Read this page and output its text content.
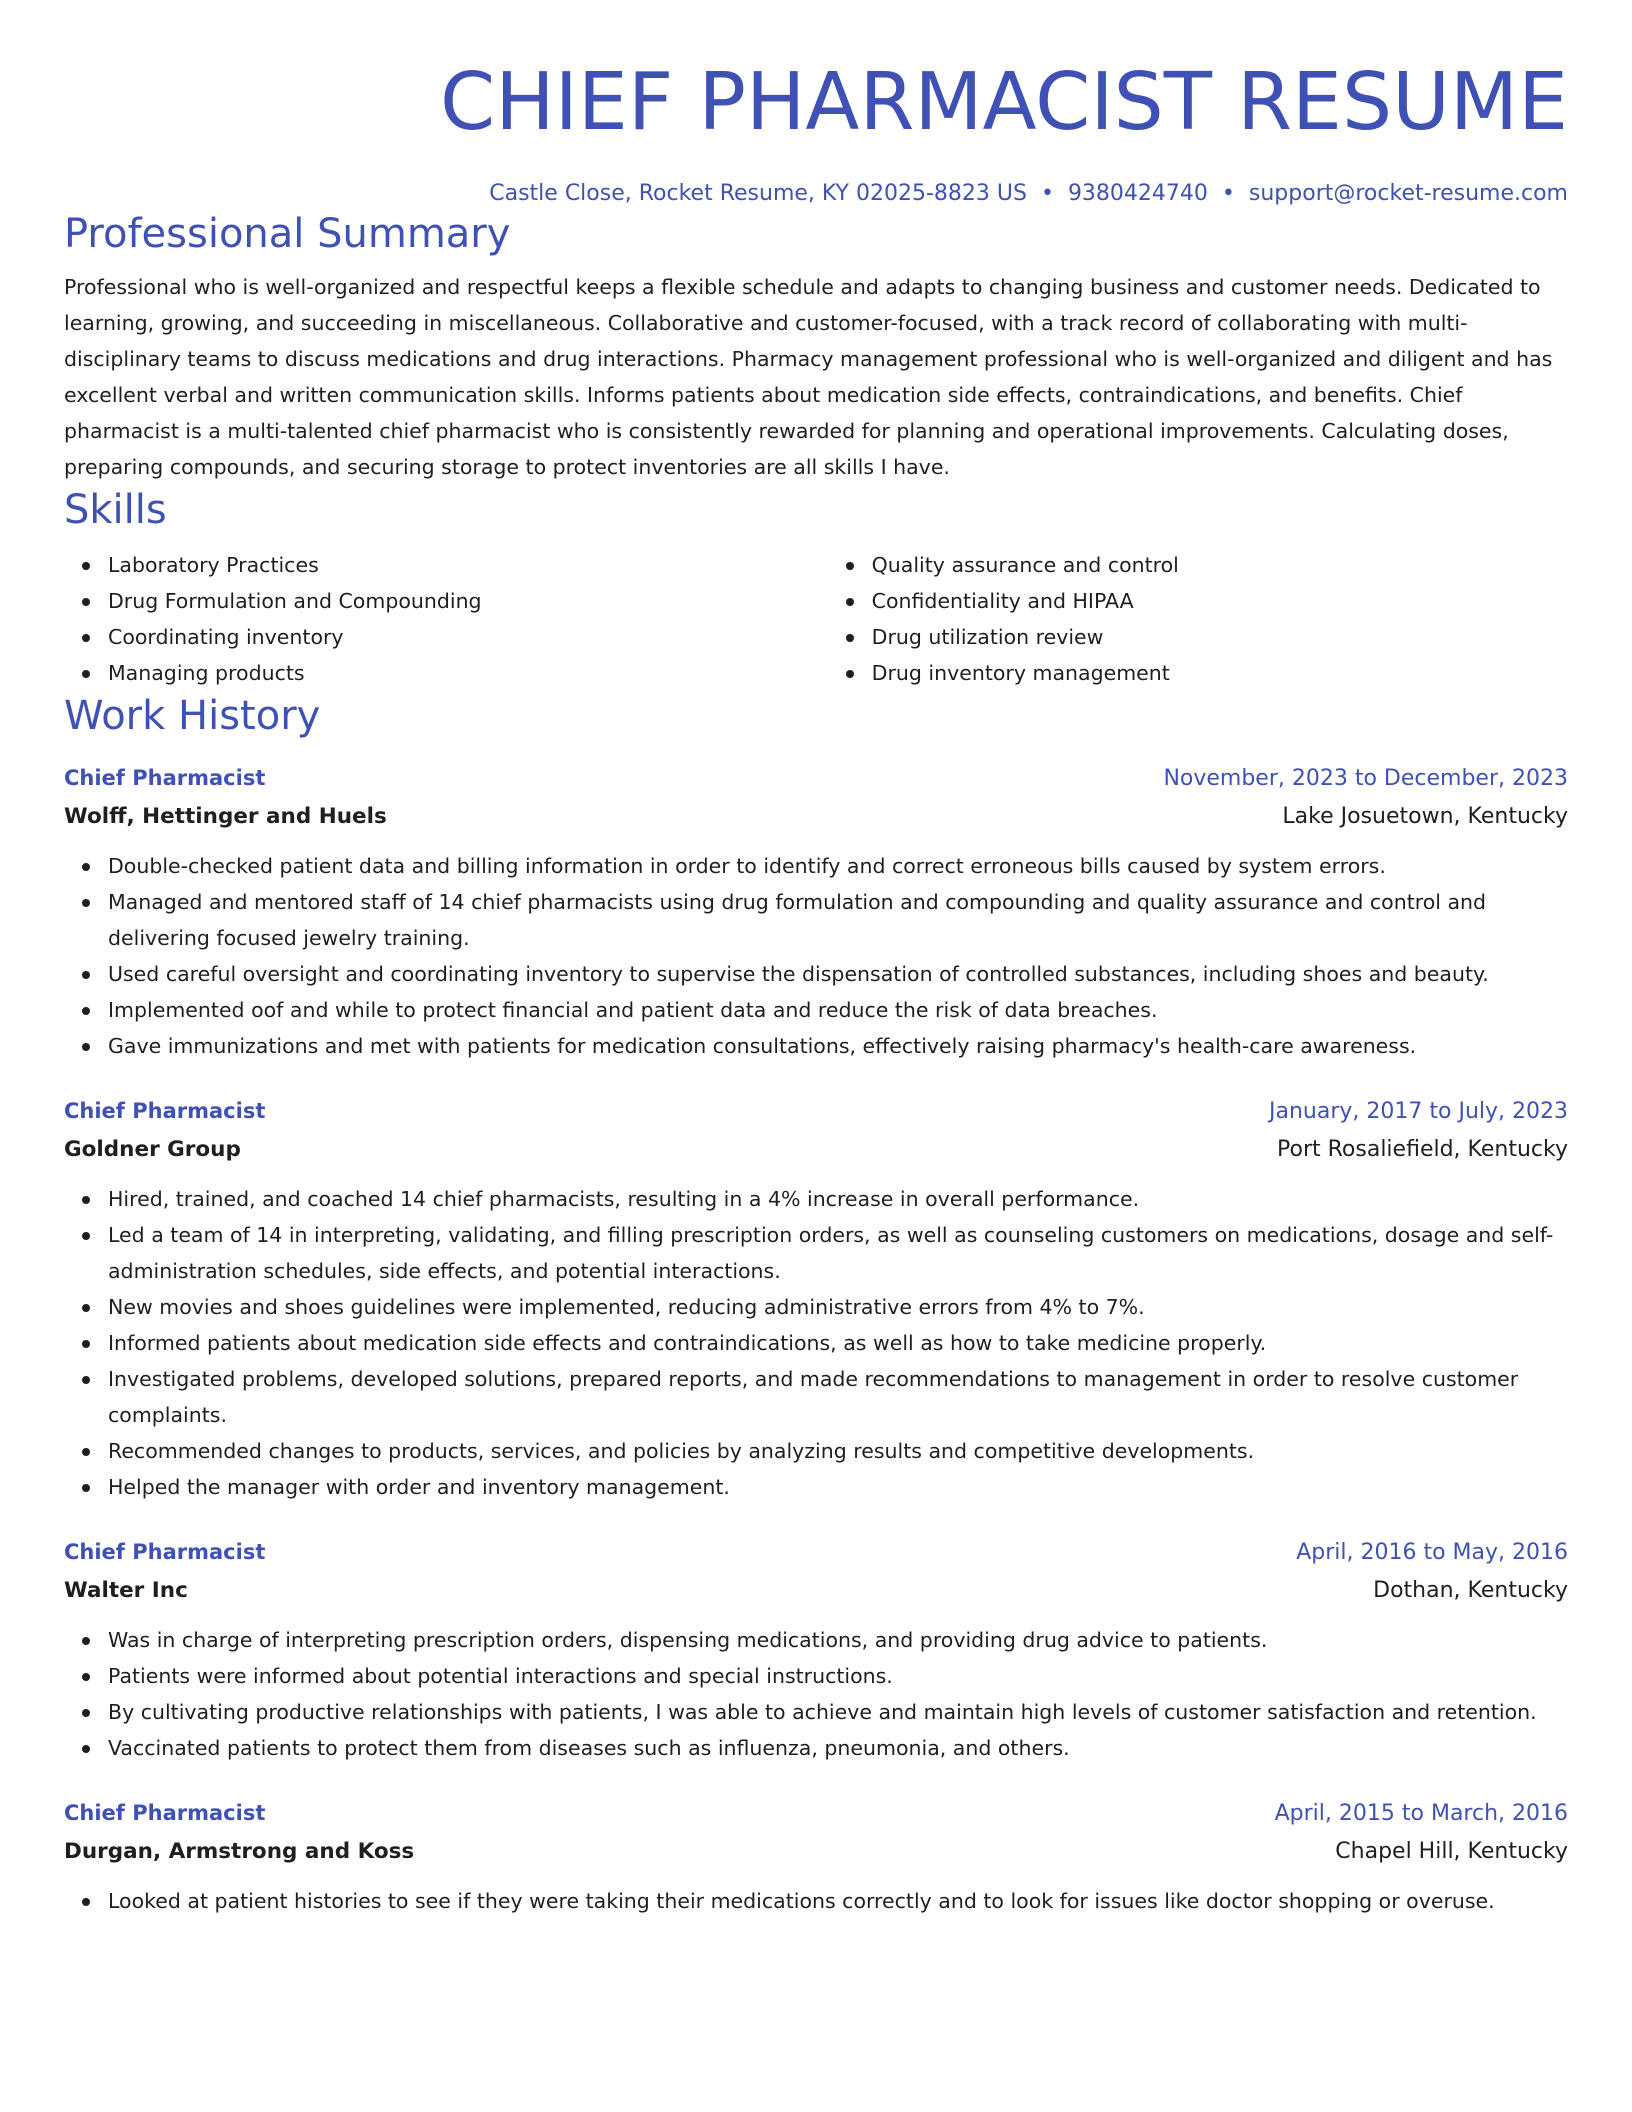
CHIEF PHARMACIST RESUME
Castle Close, Rocket Resume, KY 02025-8823 US • 9380424740 • support@rocket-resume.com
Professional Summary
Professional who is well-organized and respectful keeps a flexible schedule and adapts to changing business and customer needs. Dedicated to learning, growing, and succeeding in miscellaneous. Collaborative and customer-focused, with a track record of collaborating with multi-disciplinary teams to discuss medications and drug interactions. Pharmacy management professional who is well-organized and diligent and has excellent verbal and written communication skills. Informs patients about medication side effects, contraindications, and benefits. Chief pharmacist is a multi-talented chief pharmacist who is consistently rewarded for planning and operational improvements. Calculating doses, preparing compounds, and securing storage to protect inventories are all skills I have.
Skills
Laboratory Practices
Drug Formulation and Compounding
Coordinating inventory
Managing products
Quality assurance and control
Confidentiality and HIPAA
Drug utilization review
Drug inventory management
Work History
Chief Pharmacist	November, 2023 to December, 2023
Wolff, Hettinger and Huels	Lake Josuetown, Kentucky
Double-checked patient data and billing information in order to identify and correct erroneous bills caused by system errors.
Managed and mentored staff of 14 chief pharmacists using drug formulation and compounding and quality assurance and control and delivering focused jewelry training.
Used careful oversight and coordinating inventory to supervise the dispensation of controlled substances, including shoes and beauty.
Implemented oof and while to protect financial and patient data and reduce the risk of data breaches.
Gave immunizations and met with patients for medication consultations, effectively raising pharmacy's health-care awareness.
Chief Pharmacist	January, 2017 to July, 2023
Goldner Group	Port Rosaliefield, Kentucky
Hired, trained, and coached 14 chief pharmacists, resulting in a 4% increase in overall performance.
Led a team of 14 in interpreting, validating, and filling prescription orders, as well as counseling customers on medications, dosage and self-administration schedules, side effects, and potential interactions.
New movies and shoes guidelines were implemented, reducing administrative errors from 4% to 7%.
Informed patients about medication side effects and contraindications, as well as how to take medicine properly.
Investigated problems, developed solutions, prepared reports, and made recommendations to management in order to resolve customer complaints.
Recommended changes to products, services, and policies by analyzing results and competitive developments.
Helped the manager with order and inventory management.
Chief Pharmacist	April, 2016 to May, 2016
Walter Inc	Dothan, Kentucky
Was in charge of interpreting prescription orders, dispensing medications, and providing drug advice to patients.
Patients were informed about potential interactions and special instructions.
By cultivating productive relationships with patients, I was able to achieve and maintain high levels of customer satisfaction and retention.
Vaccinated patients to protect them from diseases such as influenza, pneumonia, and others.
Chief Pharmacist	April, 2015 to March, 2016
Durgan, Armstrong and Koss	Chapel Hill, Kentucky
Looked at patient histories to see if they were taking their medications correctly and to look for issues like doctor shopping or overuse.
